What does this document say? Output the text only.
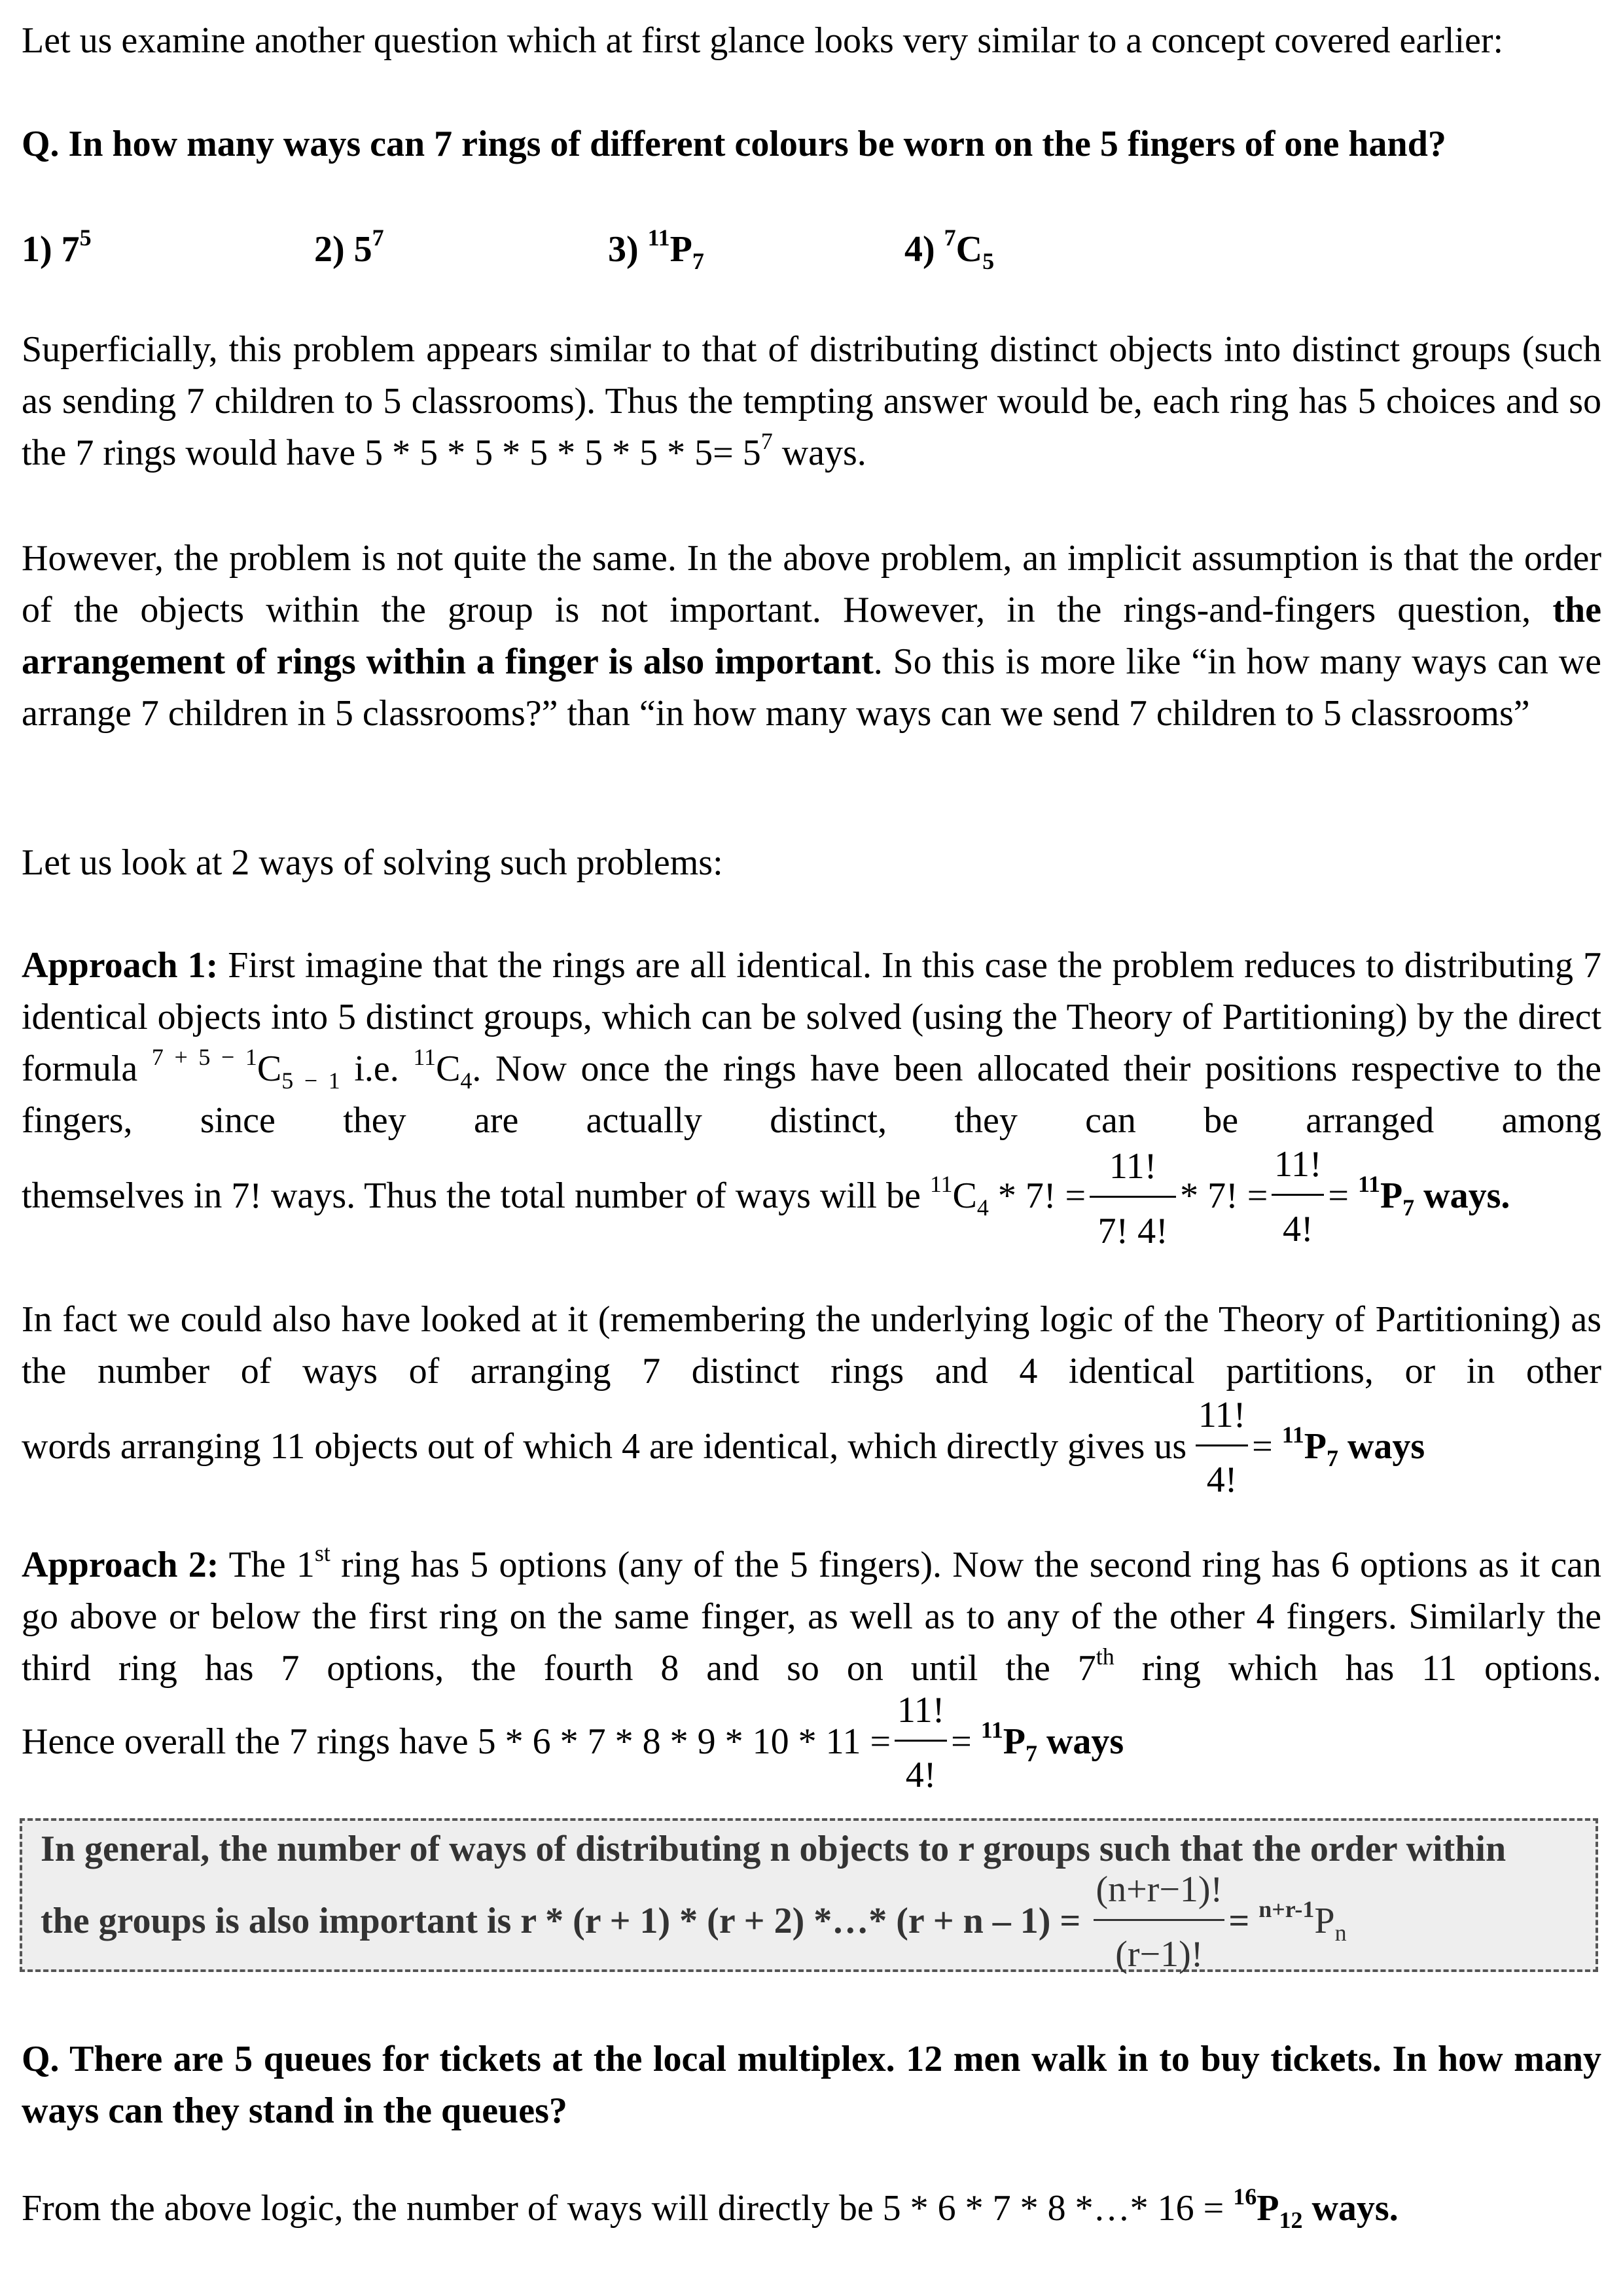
Let us examine another question which at first glance looks very similar to a concept covered earlier:
Q. In how many ways can 7 rings of different colours be worn on the 5 fingers of one hand?
1) $7^5$	2) $5^7$	3) $^{11}P_7$	4) $^7C_5$
Superficially, this problem appears similar to that of distributing distinct objects into distinct groups (such as sending 7 children to 5 classrooms). Thus the tempting answer would be, each ring has 5 choices and so the 7 rings would have $5 * 5 * 5 * 5 * 5 * 5 * 5= 5^7$ ways.
However, the problem is not quite the same. In the above problem, an implicit assumption is that the order of the objects within the group is not important. However, in the rings-and-fingers question, the arrangement of rings within a finger is also important. So this is more like “in how many ways can we arrange 7 children in 5 classrooms?” than “in how many ways can we send 7 children to 5 classrooms”
Let us look at 2 ways of solving such problems:
Approach 1: First imagine that the rings are all identical. In this case the problem reduces to distributing 7 identical objects into 5 distinct groups, which can be solved (using the Theory of Partitioning) by the direct formula $^{7 + 5 - 1}C_{5 - 1}$ i.e. $^{11}C_4$. Now once the rings have been allocated their positions respective to the fingers, since they are actually distinct, they can be arranged among
themselves in 7! ways. Thus the total number of ways will be $^{11}C_4 * 7$! = $\frac{11!}{7! 4!} * 7$! = $\frac{11!}{4!} = ^{11}P_7$ ways.
In fact we could also have looked at it (remembering the underlying logic of the Theory of Partitioning) as the number of ways of arranging 7 distinct rings and 4 identical partitions, or in other
words arranging 11 objects out of which 4 are identical, which directly gives us $\frac{11!}{4!} = ^{11}P_7$ ways
Approach 2: The 1st ring has 5 options (any of the 5 fingers). Now the second ring has 6 options as it can go above or below the first ring on the same finger, as well as to any of the other 4 fingers. Similarly the third ring has 7 options, the fourth 8 and so on until the 7th ring which has 11 options.
Hence overall the 7 rings have $5 * 6 * 7 * 8 * 9 * 10 * 11 = \frac{11!}{4!} = ^{11}P_7$ ways
In general, the number of ways of distributing n objects to r groups such that the order within
the groups is also important is r * (r + 1) * (r + 2) *…* $(r + n - 1) = \frac{(n+r-1)!}{(r-1)!} = ^{n+r-1}P_n$
Q. There are 5 queues for tickets at the local multiplex. 12 men walk in to buy tickets. In how many ways can they stand in the queues?
From the above logic, the number of ways will directly be 5 * 6 * 7 * 8 *…* $16 = ^{16}P_{12}$ ways.
